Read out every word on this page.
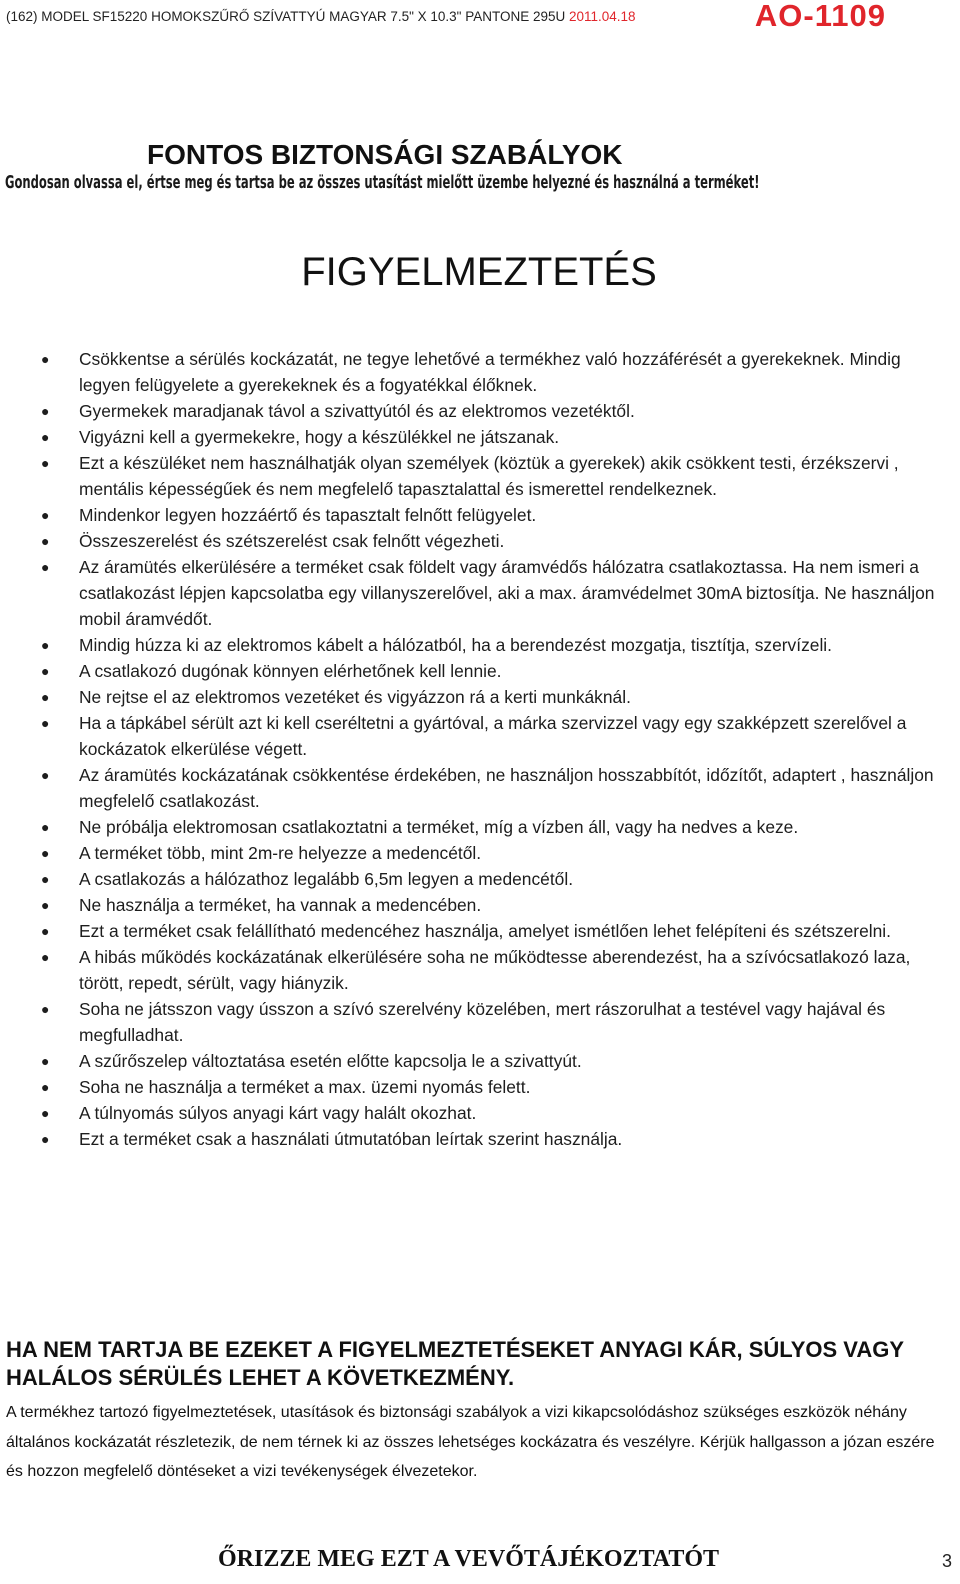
(162) MODEL SF15220 HOMOKSZŰRŐ SZÍVATTYÚ MAGYAR 7.5" X 10.3" PANTONE 295U 2011.04.18	AO-1109
FONTOS BIZTONSÁGI SZABÁLYOK
Gondosan olvassa el, értse meg és tartsa be az összes utasítást mielőtt üzembe helyezné és használná a terméket!
FIGYELMEZTETÉS
● Csökkentse a sérülés kockázatát, ne tegye lehetővé a termékhez való hozzáférését a gyerekeknek. Mindig legyen felügyelete a gyerekeknek és a fogyatékkal élőknek.
● Gyermekek maradjanak távol a szivattyútól és az elektromos vezetéktől.
● Vigyázni kell a gyermekekre, hogy a készülékkel ne játszanak.
● Ezt a készüléket nem használhatják olyan személyek (köztük a gyerekek) akik csökkent testi, érzékszervi , mentális képességűek és nem megfelelő tapasztalattal és ismerettel rendelkeznek.
● Mindenkor legyen hozzáértő és tapasztalt felnőtt felügyelet.
● Összeszerelést és szétszerelést csak felnőtt végezheti.
● Az áramütés elkerülésére a terméket csak földelt vagy áramvédős hálózatra csatlakoztassa. Ha nem ismeri a csatlakozást lépjen kapcsolatba egy villanyszerelővel, aki a max. áramvédelmet 30mA biztosítja. Ne használjon mobil áramvédőt.
● Mindig húzza ki az elektromos kábelt a hálózatból, ha a berendezést mozgatja, tisztítja, szervízeli.
● A csatlakozó dugónak könnyen elérhetőnek kell lennie.
● Ne rejtse el az elektromos vezetéket és vigyázzon rá a kerti munkáknál.
● Ha a tápkábel sérült azt ki kell cseréltetni a gyártóval, a márka szervizzel vagy egy szakképzett szerelővel a kockázatok elkerülése végett.
● Az áramütés kockázatának csökkentése érdekében, ne használjon hosszabbítót, időzítőt, adaptert , használjon megfelelő csatlakozást.
● Ne próbálja elektromosan csatlakoztatni a terméket, míg a vízben áll, vagy ha nedves a keze.
● A terméket több, mint 2m-re helyezze a medencétől.
● A csatlakozás a hálózathoz legalább 6,5m legyen a medencétől.
● Ne használja a terméket, ha vannak a medencében.
● Ezt a terméket csak felállítható medencéhez használja, amelyet ismétlően lehet felépíteni és szétszerelni.
● A hibás működés kockázatának elkerülésére soha ne működtesse aberendezést, ha a szívócsatlakozó laza, törött, repedt, sérült, vagy hiányzik.
● Soha ne játsszon vagy ússzon a szívó szerelvény közelében, mert rászorulhat a testével vagy hajával és megfulladhat.
● A szűrőszelep változtatása esetén előtte kapcsolja le a szivattyút.
● Soha ne használja a terméket a max. üzemi nyomás felett.
● A túlnyomás súlyos anyagi kárt vagy halált okozhat.
● Ezt a terméket csak a használati útmutatóban leírtak szerint használja.
HA NEM TARTJA BE EZEKET A FIGYELMEZTETÉSEKET ANYAGI KÁR, SÚLYOS VAGY HALÁLOS SÉRÜLÉS LEHET A KÖVETKEZMÉNY.
A termékhez tartozó figyelmeztetések, utasítások és biztonsági szabályok a vizi kikapcsolódáshoz szükséges eszközök néhány általános kockázatát részletezik, de nem térnek ki az összes lehetséges kockázatra és veszélyre. Kérjük hallgasson a józan eszére és hozzon megfelelő döntéseket a vizi tevékenységek élvezetekor.
ŐRIZZE MEG EZT A VEVŐTÁJÉKOZTATÓT	3
